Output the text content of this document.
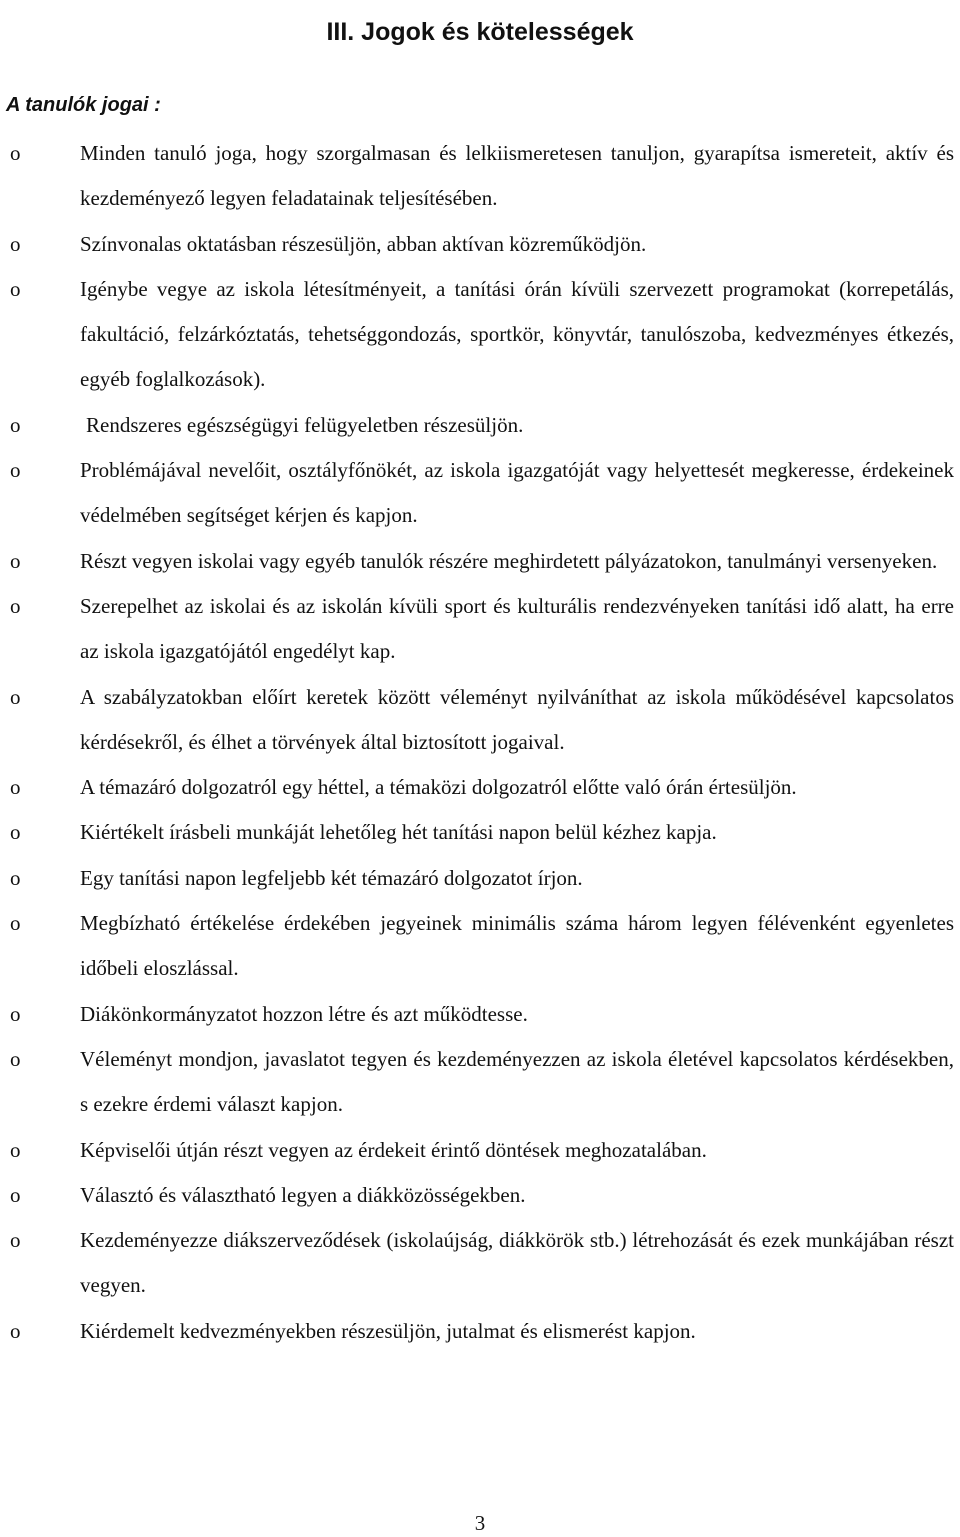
III. Jogok és kötelességek
A tanulók jogai :
o	Minden tanuló joga, hogy szorgalmasan és lelkiismeretesen tanuljon, gyarapítsa ismereteit, aktív és kezdeményező legyen feladatainak teljesítésében.
o	Színvonalas oktatásban részesüljön, abban aktívan közreműködjön.
o	Igénybe vegye az iskola létesítményeit, a tanítási órán kívüli szervezett programokat (korrepetálás, fakultáció, felzárkóztatás, tehetséggondozás, sportkör, könyvtár, tanulószoba, kedvezményes étkezés, egyéb foglalkozások).
o	Rendszeres egészségügyi felügyeletben részesüljön.
o	Problémájával nevelőit, osztályfőnökét, az iskola igazgatóját vagy helyettesét megkeresse, érdekeinek védelmében segítséget kérjen és kapjon.
o	Részt vegyen iskolai vagy egyéb tanulók részére meghirdetett pályázatokon, tanulmányi versenyeken.
o	Szerepelhet az iskolai és az iskolán kívüli sport és kulturális rendezvényeken tanítási idő alatt, ha erre az iskola igazgatójától engedélyt kap.
o	A szabályzatokban előírt keretek között véleményt nyilváníthat az iskola működésével kapcsolatos kérdésekről, és élhet a törvények által biztosított jogaival.
o	A témazáró dolgozatról egy héttel, a témaközi dolgozatról előtte való órán értesüljön.
o	Kiértékelt írásbeli munkáját lehetőleg hét tanítási napon belül kézhez kapja.
o	Egy tanítási napon legfeljebb két témazáró dolgozatot írjon.
o	Megbízható értékelése érdekében jegyeinek minimális száma három legyen félévenként egyenletes időbeli eloszlással.
o	Diákönkormányzatot hozzon létre és azt működtesse.
o	Véleményt mondjon, javaslatot tegyen és kezdeményezzen az iskola életével kapcsolatos kérdésekben, s ezekre érdemi választ kapjon.
o	Képviselői útján részt vegyen az érdekeit érintő döntések meghozatalában.
o	Választó és választható legyen a diákközösségekben.
o	Kezdeményezze diákszerveződések (iskolaújság, diákkörök stb.) létrehozását és ezek munkájában részt vegyen.
o	Kiérdemelt kedvezményekben részesüljön, jutalmat és elismerést kapjon.
3
